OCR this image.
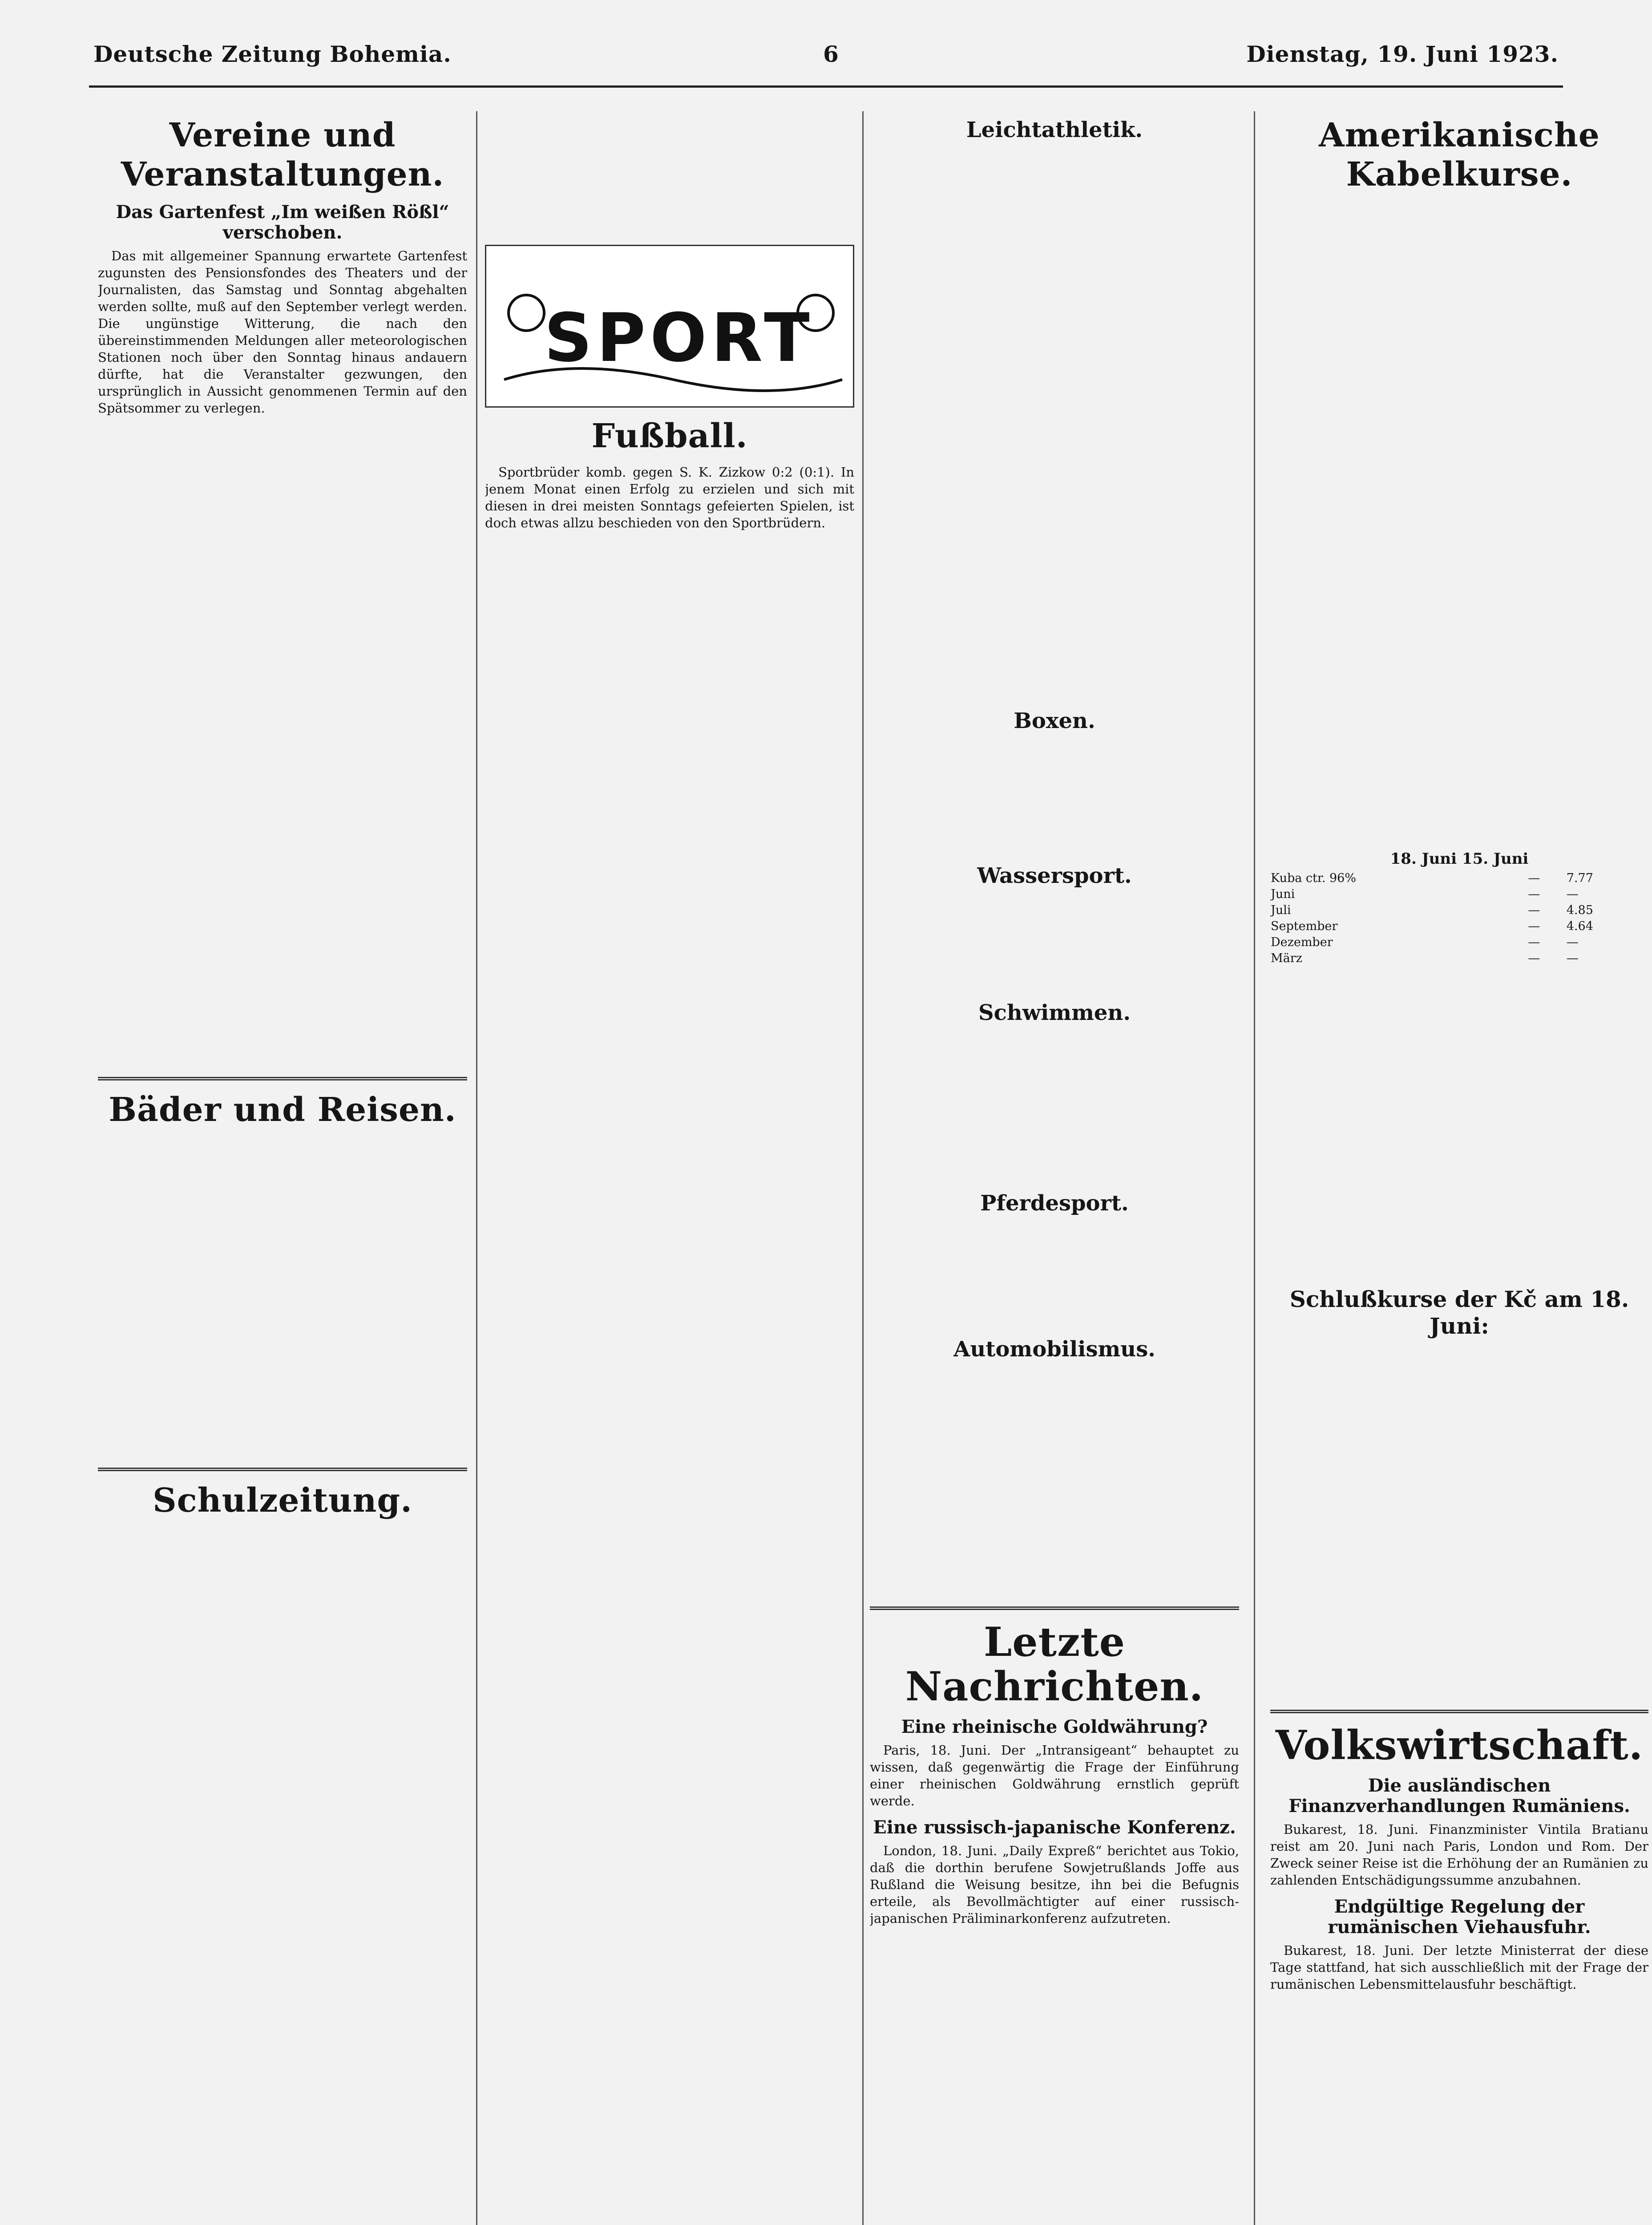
Deutsche Zeitung Bohemia.	6	Dienstag, 19. Juni 1923.
Vereine und Veranstaltungen.
Das Gartenfest „Im weißen Rößl“ verschoben.

Das mit allgemeiner Spannung erwartete Gartenfest zugunsten des Pensionsfondes des Theaters und der Journalisten, das Samstag und Sonntag abgehalten werden sollte, muß auf den September verlegt werden. Die ungünstige Witterung, die nach den übereinstimmenden Meldungen aller meteorologischen Stationen noch über den Sonntag hinaus andauern dürfte, hat die Veranstalter gezwungen, den ursprünglich in Aussicht genommenen Termin auf den Spätsommer zu verlegen.

Bäder und Reisen.
Schulzeitung.
SPORT
Fußball.

Sportbrüder komb. gegen S. K. Zizkow 0:2 (0:1). In jenem Monat einen Erfolg zu erzielen und sich mit diesen in drei meisten Sonntags gefeierten Spielen, ist doch etwas allzu beschieden von den Sportbrüdern.

Leichtathletik.
Boxen.
Wassersport.
Schwimmen.
Pferdesport.
Automobilismus.
Letzte Nachrichten.
Eine rheinische Goldwährung?

Paris, 18. Juni. Der „Intransigeant“ behauptet zu wissen, daß gegenwärtig die Frage der Einführung einer rheinischen Goldwährung ernstlich geprüft werde.

Eine russisch-japanische Konferenz.

London, 18. Juni. „Daily Expreß“ berichtet aus Tokio, daß die dorthin berufene Sowjetrußlands Joffe aus Rußland die Weisung besitze, ihn bei die Befugnis erteile, als Bevollmächtigter auf einer russisch-japanischen Präliminarkonferenz aufzutreten.

Amerikanische Kabelkurse.
18. Juni 15. Juni
Kuba ctr. 96%	—	7.77
Juni	—	—
Juli	—	4.85
September	—	4.64
Dezember	—	—
März	—	—
Schlußkurse der Kč am 18. Juni:
Volkswirtschaft.
Die ausländischen Finanzverhandlungen Rumäniens.

Bukarest, 18. Juni. Finanzminister Vintila Bratianu reist am 20. Juni nach Paris, London und Rom. Der Zweck seiner Reise ist die Erhöhung der an Rumänien zu zahlenden Entschädigungssumme anzubahnen.

Endgültige Regelung der rumänischen Viehausfuhr.

Bukarest, 18. Juni. Der letzte Ministerrat der diese Tage stattfand, hat sich ausschließlich mit der Frage der rumänischen Lebensmittelausfuhr beschäftigt.
